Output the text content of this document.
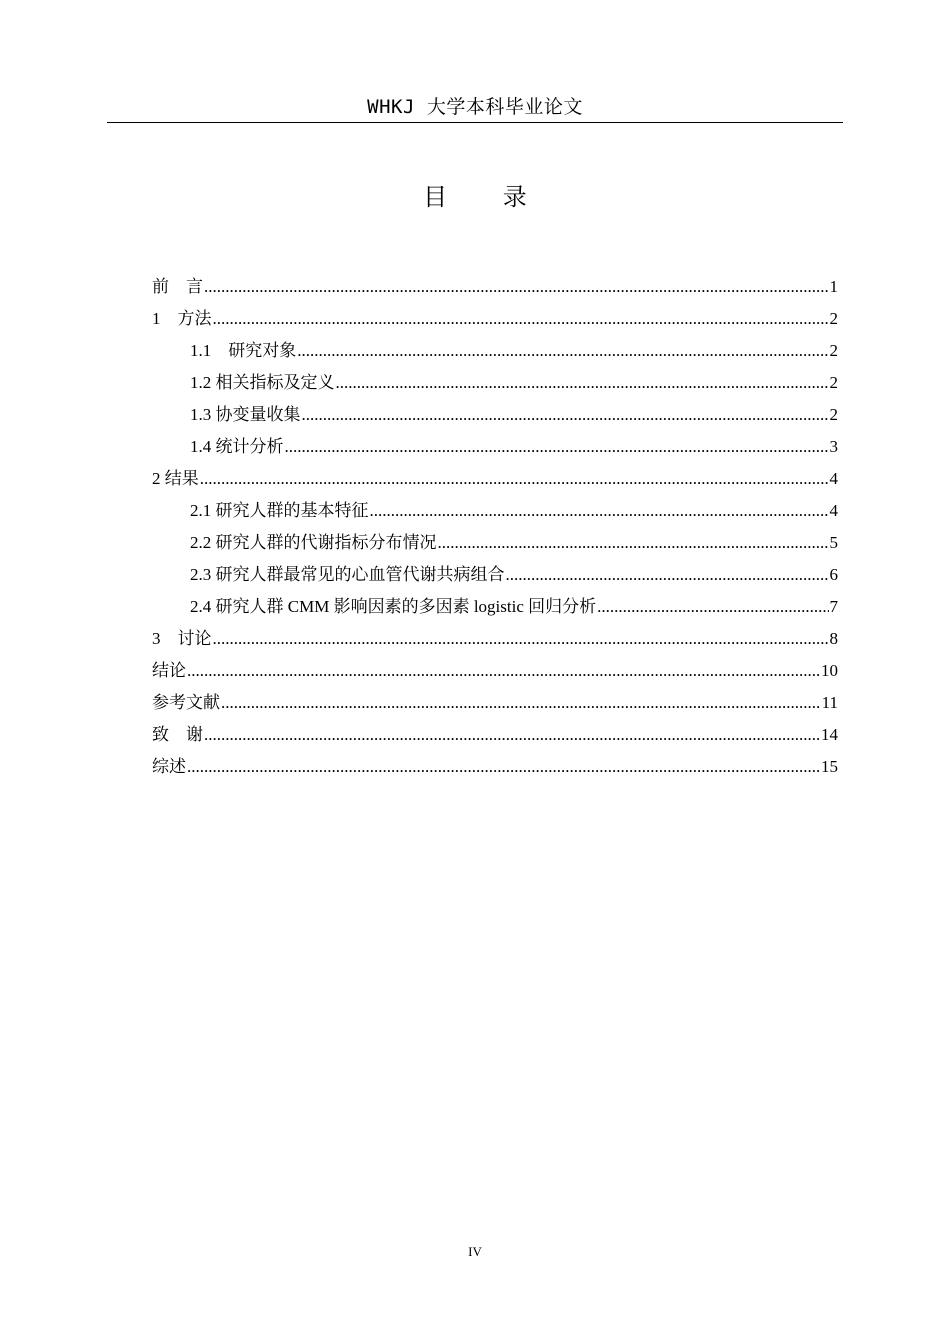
WHKJ 大学本科毕业论文
目 录
前　言 .....	1
1　方法 .....	2
1.1　研究对象 .....	2
1.2 相关指标及定义 .....	2
1.3 协变量收集 .....	2
1.4 统计分析 .....	3
2 结果 .....	4
2.1 研究人群的基本特征 .....	4
2.2 研究人群的代谢指标分布情况 .....	5
2.3 研究人群最常见的心血管代谢共病组合 .....	6
2.4 研究人群 CMM 影响因素的多因素 logistic 回归分析 .....	7
3　讨论 .....	8
结论 .....	10
参考文献 .....	11
致　谢 .....	14
综述 .....	15
IV
